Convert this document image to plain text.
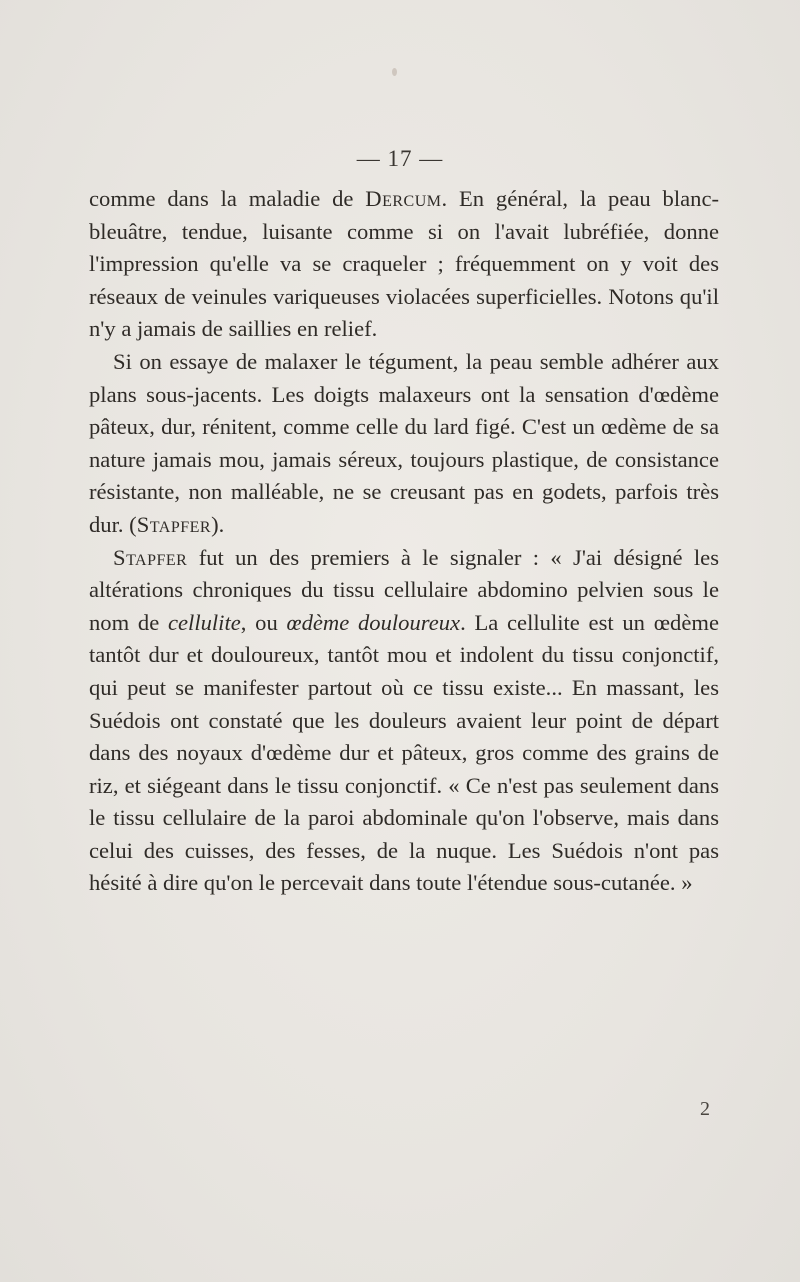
— 17 —

comme dans la maladie de Dercum. En général, la peau blanc-bleuâtre, tendue, luisante comme si on l'avait lubréfiée, donne l'impression qu'elle va se craqueler ; fréquemment on y voit des réseaux de veinules variqueuses violacées superficielles. Notons qu'il n'y a jamais de saillies en relief.

Si on essaye de malaxer le tégument, la peau semble adhérer aux plans sous-jacents. Les doigts malaxeurs ont la sensation d'œdème pâteux, dur, rénitent, comme celle du lard figé. C'est un œdème de sa nature jamais mou, jamais séreux, toujours plastique, de consistance résistante, non malléable, ne se creusant pas en godets, parfois très dur. (Stapfer).

Stapfer fut un des premiers à le signaler : « J'ai désigné les altérations chroniques du tissu cellulaire abdomino pelvien sous le nom de cellulite, ou œdème douloureux. La cellulite est un œdème tantôt dur et douloureux, tantôt mou et indolent du tissu conjonctif, qui peut se manifester partout où ce tissu existe... En massant, les Suédois ont constaté que les douleurs avaient leur point de départ dans des noyaux d'œdème dur et pâteux, gros comme des grains de riz, et siégeant dans le tissu conjonctif. « Ce n'est pas seulement dans le tissu cellulaire de la paroi abdominale qu'on l'observe, mais dans celui des cuisses, des fesses, de la nuque. Les Suédois n'ont pas hésité à dire qu'on le percevait dans toute l'étendue sous-cutanée. »

2
